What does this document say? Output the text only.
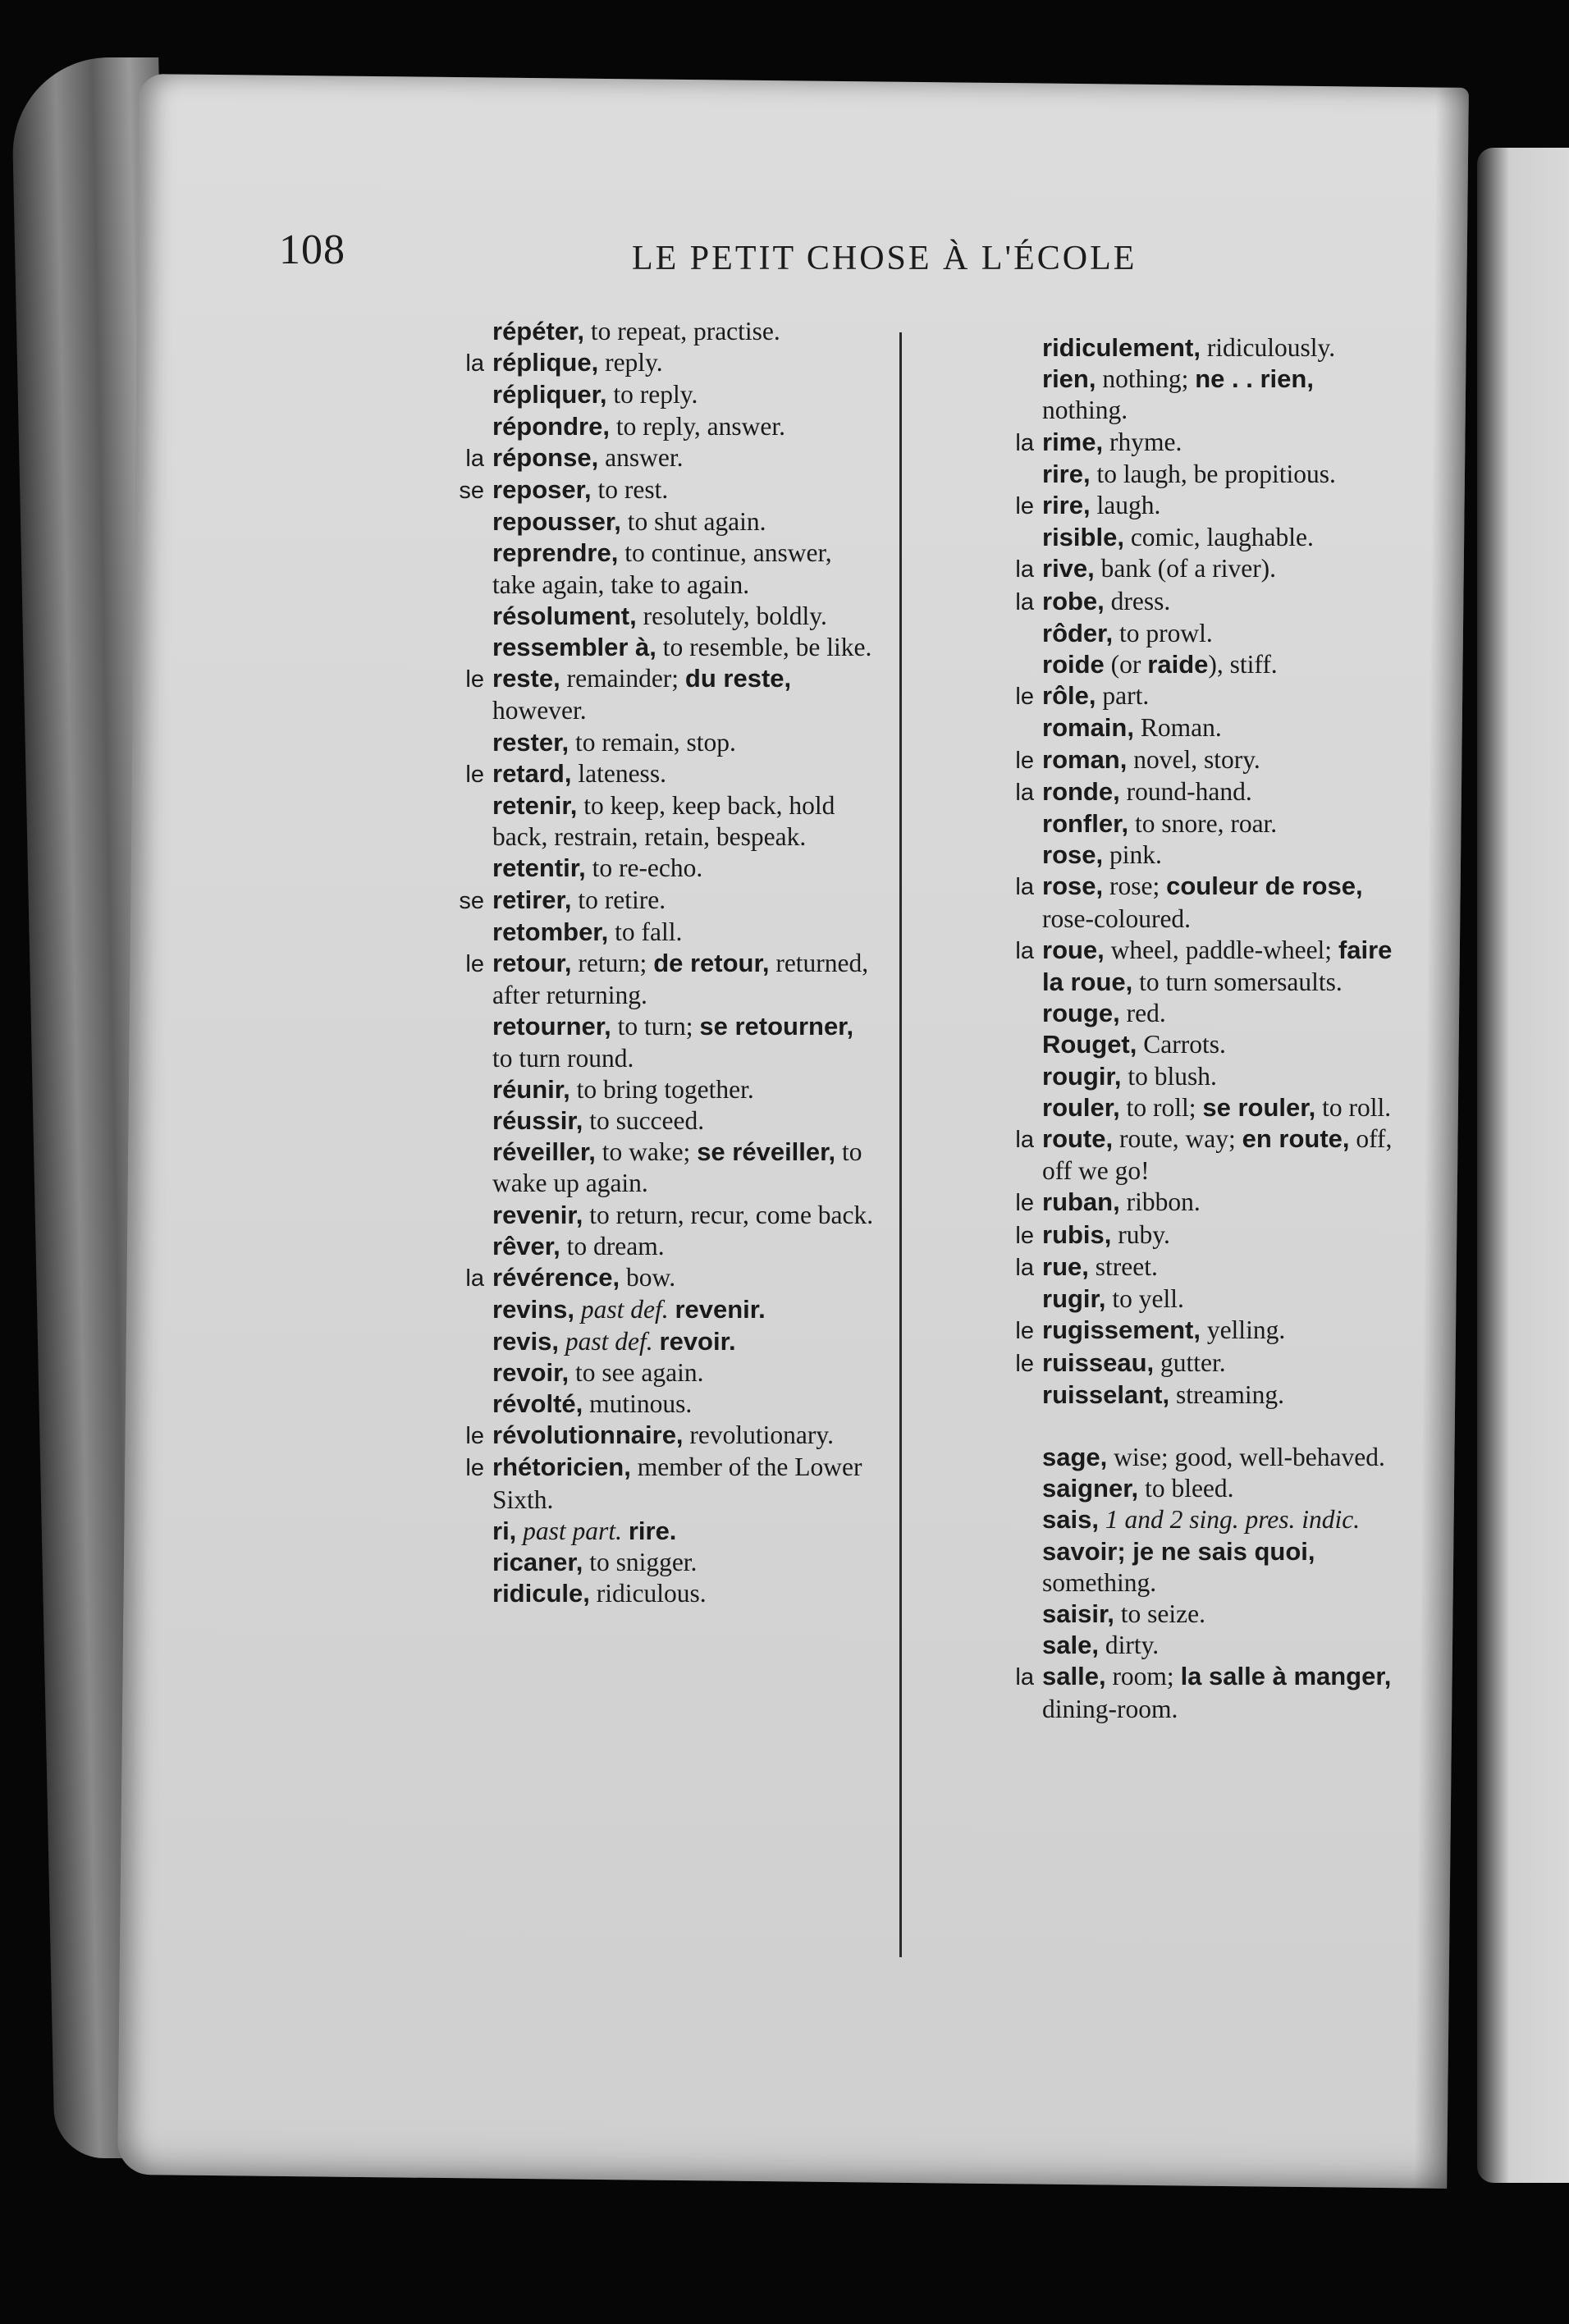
108	LE PETIT CHOSE À L'ÉCOLE
répéter, to repeat, practise.
la réplique, reply.
répliquer, to reply.
répondre, to reply, answer.
la réponse, answer.
se reposer, to rest.
repousser, to shut again.
reprendre, to continue, answer, take again, take to again.
résolument, resolutely, boldly.
ressembler à, to resemble, be like.
le reste, remainder; du reste, however.
rester, to remain, stop.
le retard, lateness.
retenir, to keep, keep back, hold back, restrain, retain, bespeak.
retentir, to re-echo.
se retirer, to retire.
retomber, to fall.
le retour, return; de retour, returned, after returning.
retourner, to turn; se retourner, to turn round.
réunir, to bring together.
réussir, to succeed.
réveiller, to wake; se réveiller, to wake up again.
revenir, to return, recur, come back.
rêver, to dream.
la révérence, bow.
revins, past def. revenir.
revis, past def. revoir.
revoir, to see again.
révolté, mutinous.
le révolutionnaire, revolutionary.
le rhétoricien, member of the Lower Sixth.
ri, past part. rire.
ricaner, to snigger.
ridicule, ridiculous.
ridiculement, ridiculously.
rien, nothing; ne . . rien, nothing.
la rime, rhyme.
rire, to laugh, be propitious.
le rire, laugh.
risible, comic, laughable.
la rive, bank (of a river).
la robe, dress.
rôder, to prowl.
roide (or raide), stiff.
le rôle, part.
romain, Roman.
le roman, novel, story.
la ronde, round-hand.
ronfler, to snore, roar.
rose, pink.
la rose, rose; couleur de rose, rose-coloured.
la roue, wheel, paddle-wheel; faire la roue, to turn somersaults.
rouge, red.
Rouget, Carrots.
rougir, to blush.
rouler, to roll; se rouler, to roll.
la route, route, way; en route, off, off we go!
le ruban, ribbon.
le rubis, ruby.
la rue, street.
rugir, to yell.
le rugissement, yelling.
le ruisseau, gutter.
ruisselant, streaming.
sage, wise; good, well-behaved.
saigner, to bleed.
sais, 1 and 2 sing. pres. indic. savoir; je ne sais quoi, something.
saisir, to seize.
sale, dirty.
la salle, room; la salle à manger, dining-room.
